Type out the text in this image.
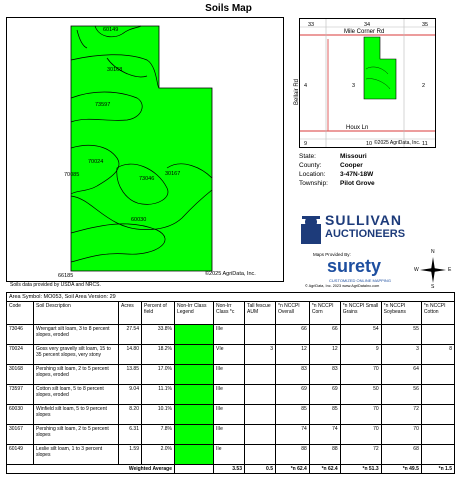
Soils Map
60149
30168
73597
70024
70085
73046
30167
60030
66185	©2025 AgriData, Inc.
Soils data provided by USDA and NRCS.
33	34	35
4	3	2
9	10	11
Mile Corner Rd
Bellair Rd
Houx Ln
©2025 AgriData, Inc.
State:	Missouri
County:	Cooper
Location: 3-47N-18W
Township: Pilot Grove
SULLIVAN
AUCTIONEERS
Maps Provided By:
surety
CUSTOMIZED ONLINE MAPPING
© AgriData, Inc. 2023 www.AgriDataInc.com
N
S
W	E
Area Symbol: MO053, Soil Area Version: 29											
Code	Soil Description	Acres	Percent of field	Non-Irr Class Legend	Non-Irr Class *c	Tall fescue AUM	*n NCCPI Overall	*n NCCPI Corn	*n NCCPI Small Grains	*n NCCPI Soybeans	*n NCCPI Cotton
73046	Wrengart silt loam, 3 to 8 percent slopes, eroded	27.54	33.8%		IIIe		66	66	54	55	
70024	Goss very gravelly silt loam, 15 to 35 percent slopes, very stony	14.80	18.2%		VIe	3	12	12	9	3	8
30168	Pershing silt loam, 2 to 5 percent slopes, eroded	13.85	17.0%		IIIe		83	83	70	64	
73597	Cotton silt loam, 5 to 8 percent slopes, eroded	9.04	11.1%		IIIe		69	69	50	56	
60030	Winfield silt loam, 5 to 9 percent slopes	8.20	10.1%		IIIe		85	85	70	72	
30167	Pershing silt loam, 2 to 5 percent slopes	6.31	7.8%		IIIe		74	74	70	70	
60149	Leslie silt loam, 1 to 3 percent slopes	1.59	2.0%		IIe		88	88	72	68	
Weighted Average					3.53	0.5	*n 62.4	*n 62.4	*n 51.3	*n 49.5	*n 1.5
